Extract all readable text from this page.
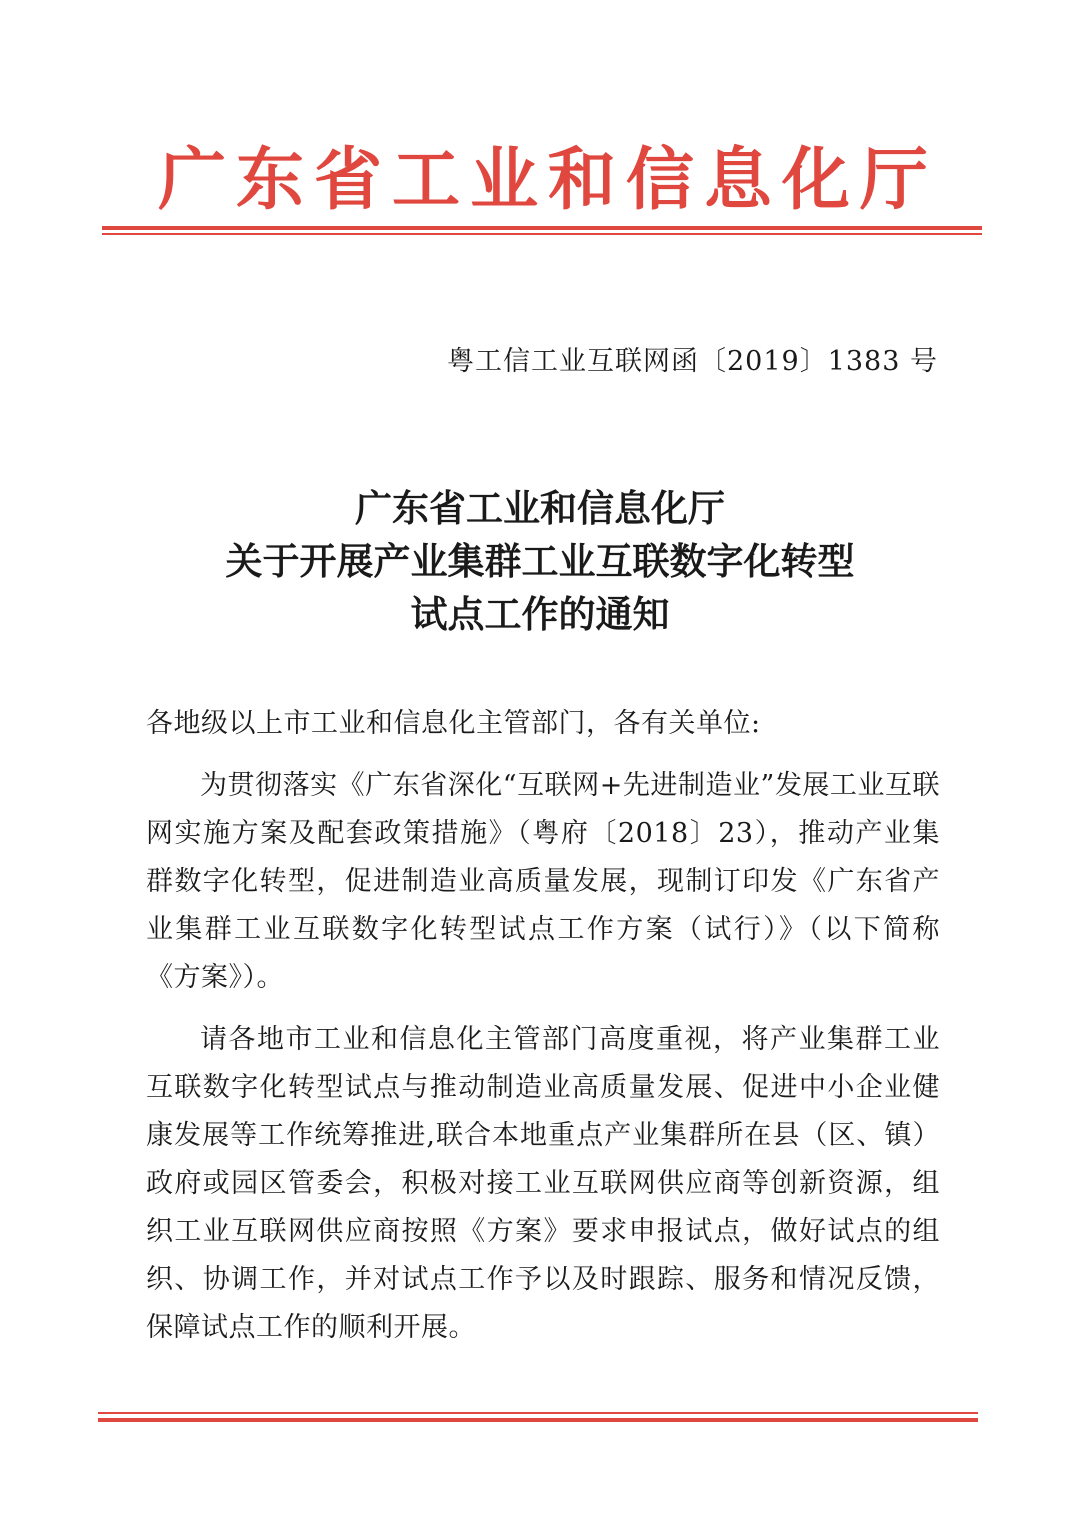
广 东 省 工 业 和 信 息 化 厅
粤工信工业互联网函〔2019〕1383 号
广东省工业和信息化厅
关于开展产业集群工业互联数字化转型
试点工作的通知

各地级以上市工业和信息化主管部门，各有关单位:

为贯彻落实《广东省深化“互联网+先进制造业”发展工业互联网实施方案及配套政策措施》（粤府〔2018〕23），推动产业集群数字化转型，促进制造业高质量发展，现制订印发《广东省产业集群工业互联数字化转型试点工作方案（试行）》（以下简称《方案》）。

请各地市工业和信息化主管部门高度重视，将产业集群工业互联数字化转型试点与推动制造业高质量发展、促进中小企业健康发展等工作统筹推进,联合本地重点产业集群所在县（区、镇）政府或园区管委会，积极对接工业互联网供应商等创新资源，组织工业互联网供应商按照《方案》要求申报试点，做好试点的组织、协调工作，并对试点工作予以及时跟踪、服务和情况反馈，保障试点工作的顺利开展。
